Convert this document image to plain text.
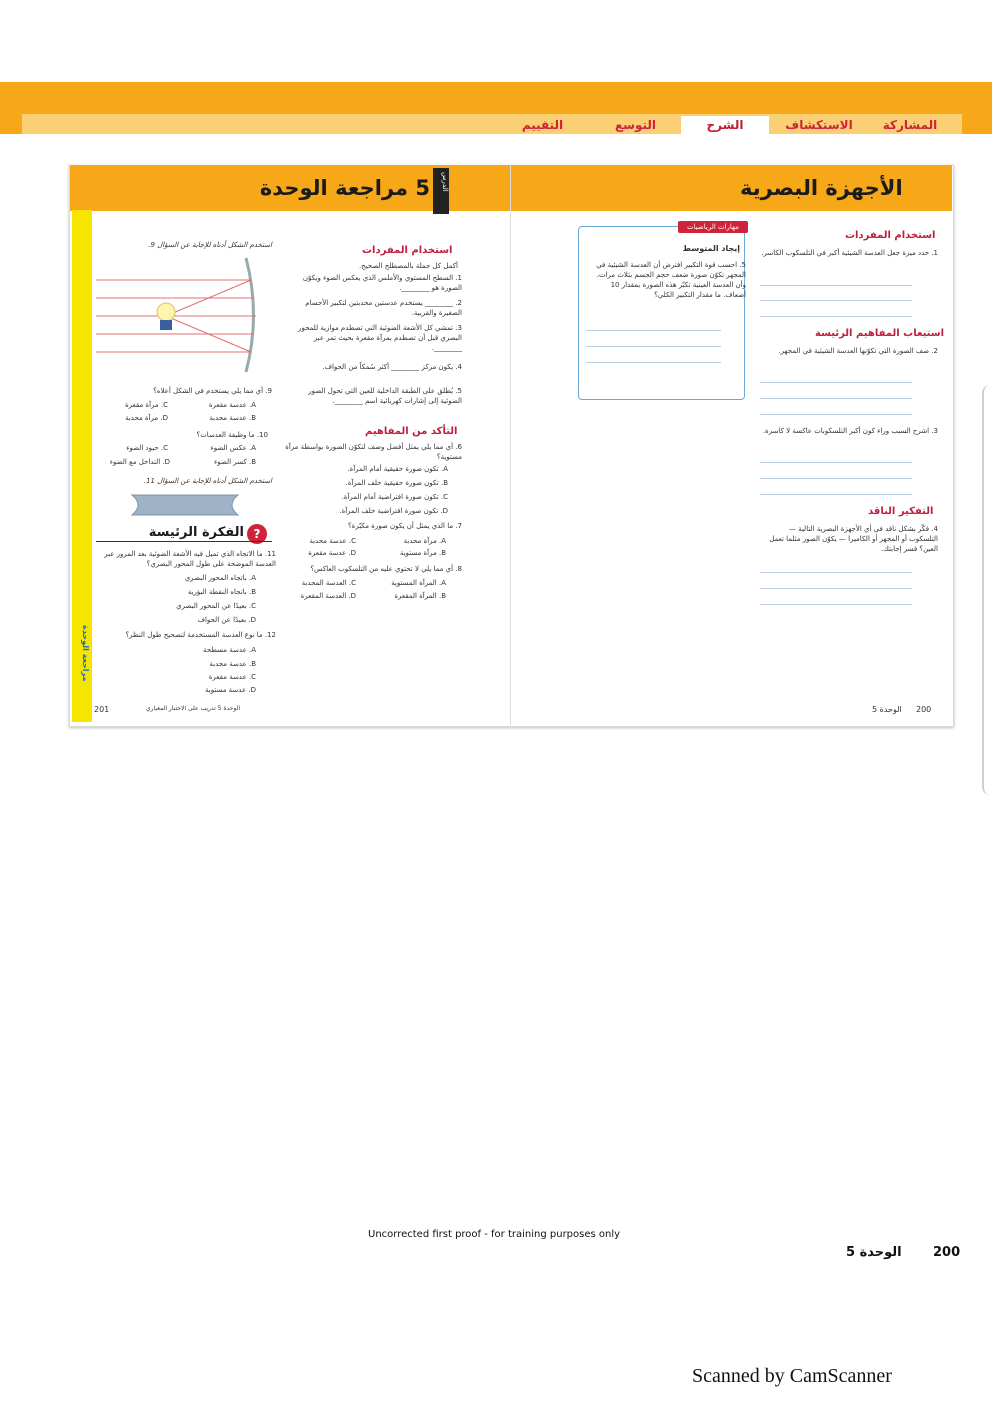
المشاركة
الاستكشاف
الشرح
التوسع
التقييم
الأجهزة البصرية
استخدام المفردات
1. حدد ميزة جعل العدسة الشيئية أكبر في التلسكوب الكاسر.
استيعاب المفاهيم الرئيسة
2. صف الصورة التي تكوّنها العدسة الشيئية في المجهر.
3. اشرح السبب وراء كون أكبر التلسكوبات عاكسة لا كاسرة.
التفكير الناقد
4. فكّر بشكل ناقد في أي الأجهزة البصرية التالية — التلسكوب أو المجهر أو الكاميرا — يكوّن الصور مثلما تعمل العين؟ فسر إجابتك.
مهارات الرياضيات
إيجاد المتوسط
5. احسب قوة التكبير افترض أن العدسة الشيئية في المجهر تكوّن صورة ضعف حجم الجسم بثلاث مرات، وأن العدسة العينية تكبّر هذه الصورة بمقدار 10 أضعاف. ما مقدار التكبير الكلي؟
الوحدة 5 200
الدرس
5 مراجعة الوحدة
مراجعة الوحدة
استخدام المفردات
أكمل كل جملة بالمصطلح الصحيح.
1. السطح المستوي والأملس الذي يعكس الضوء ويكوّن الصورة هو ________.
2. ________ يستخدم عدستين محدبتين لتكبير الأجسام الصغيرة والقريبة.
3. تمشي كل الأشعة الضوئية التي تصطدم موازية للمحور البصري قبل أن تصطدم بمرآة مقعرة بحيث تمر عبر ________.
4. يكون مركز ________ أكثر سُمكاً من الحواف.
5. يُطلق على الطبقة الداخلية للعين التي تحول الصور الضوئية إلى إشارات كهربائية اسم ________.
التأكد من المفاهيم
6. أي مما يلي يمثل أفضل وصف لتكوّن الصورة بواسطة مرآة مستوية؟
A. تكون صورة حقيقية أمام المرآة.
B. تكون صورة حقيقية خلف المرآة.
C. تكون صورة افتراضية أمام المرآة.
D. تكون صورة افتراضية خلف المرآة.
7. ما الذي يمثل أن يكون صورة مكبّرة؟
A. مرآة محدبة
C. عدسة محدبة
B. مرآة مستوية
D. عدسة مقعرة
8. أي مما يلي لا تحتوي عليه من التلسكوب العاكس؟
A. المرآة المستوية
C. العدسة المحدبة
B. المرآة المقعرة
D. العدسة المقعرة
استخدم الشكل أدناه للإجابة عن السؤال 9.
9. أي مما يلي يستخدم في الشكل أعلاه؟
A. عدسة مقعرة
C. مرآة مقعرة
B. عدسة محدبة
D. مرآة محدبة
10. ما وظيفة العدسات؟
A. عكس الضوء
C. حيود الضوء
B. كسر الضوء
D. التداخل مع الضوء
استخدم الشكل أدناه للإجابة عن السؤال 11.
?
الفكرة الرئيسة
11. ما الاتجاه الذي تميل فيه الأشعة الضوئية بعد المرور عبر العدسة الموضحة على طول المحور البصري؟
A. باتجاه المحور البصري
B. باتجاه النقطة البؤرية
C. بعيدًا عن المحور البصري
D. بعيدًا عن الحواف
12. ما نوع العدسة المستخدمة لتصحيح طول النظر؟
A. عدسة مسطحة
B. عدسة محدبة
C. عدسة مقعرة
D. عدسة مستوية
201	الوحدة 5 تدريب على الاختبار المعياري
Uncorrected first proof - for training purposes only
الوحدة 5 200
Scanned by CamScanner
